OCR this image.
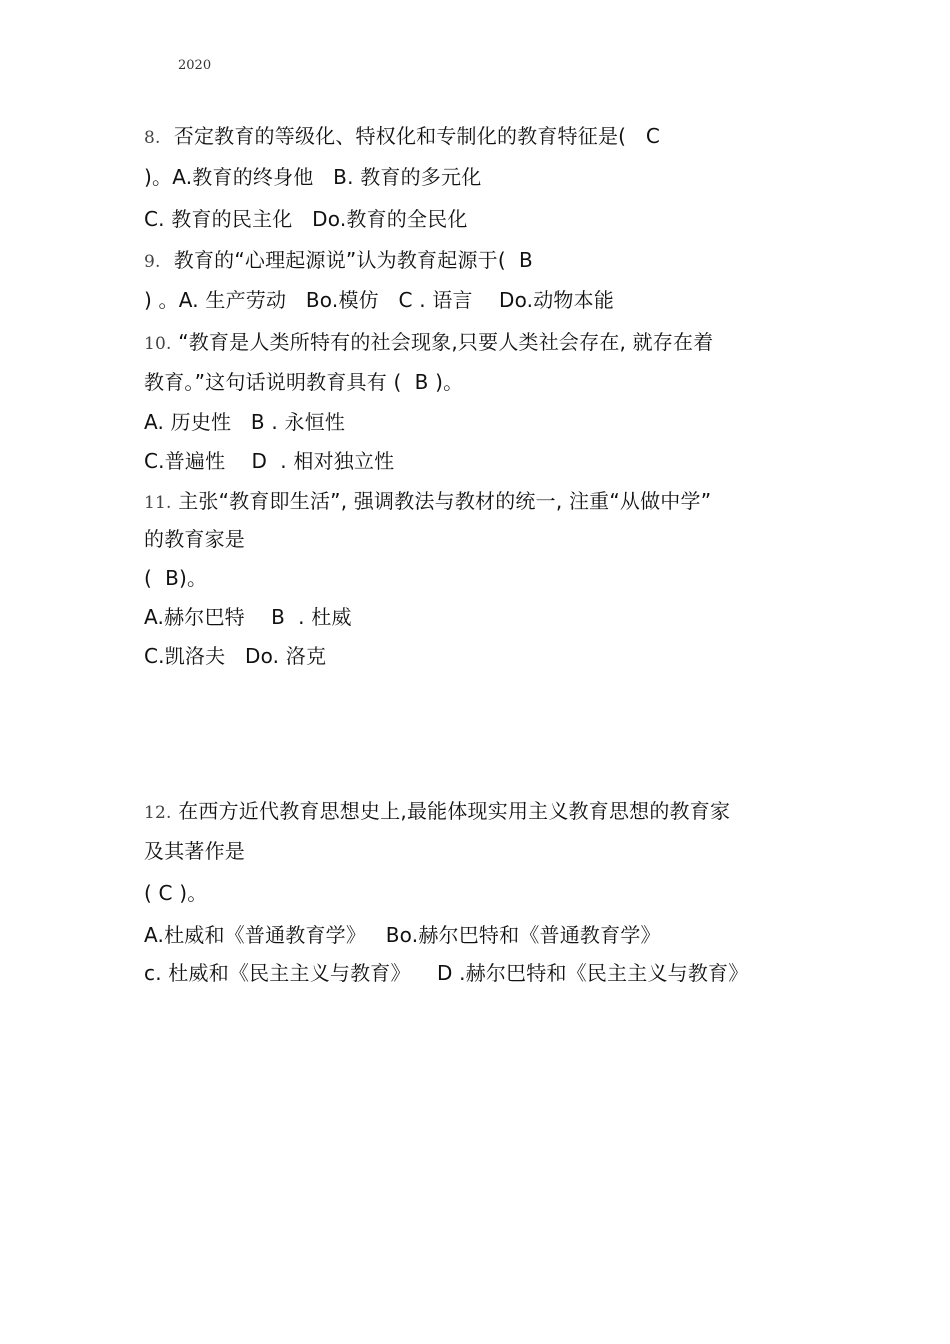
2020
8.  否定教育的等级化、特权化和专制化的教育特征是(   C
)。A.教育的终身他   B. 教育的多元化
C. 教育的民主化   Do.教育的全民化
9.  教育的“心理起源说”认为教育起源于(  B
) 。A. 生产劳动   Bo.模仿   C . 语言    Do.动物本能
10. “教育是人类所特有的社会现象,只要人类社会存在, 就存在着
教育。”这句话说明教育具有 (  B )。
A. 历史性   B . 永恒性
C.普遍性    D  . 相对独立性
11. 主张“教育即生活”, 强调教法与教材的统一, 注重“从做中学”
的教育家是
(  B)。
A.赫尔巴特    B  . 杜威
C.凯洛夫   Do. 洛克
12. 在西方近代教育思想史上,最能体现实用主义教育思想的教育家
及其著作是
( C )。
A.杜威和《普通教育学》   Bo.赫尔巴特和《普通教育学》
c. 杜威和《民主主义与教育》    D .赫尔巴特和《民主主义与教育》
